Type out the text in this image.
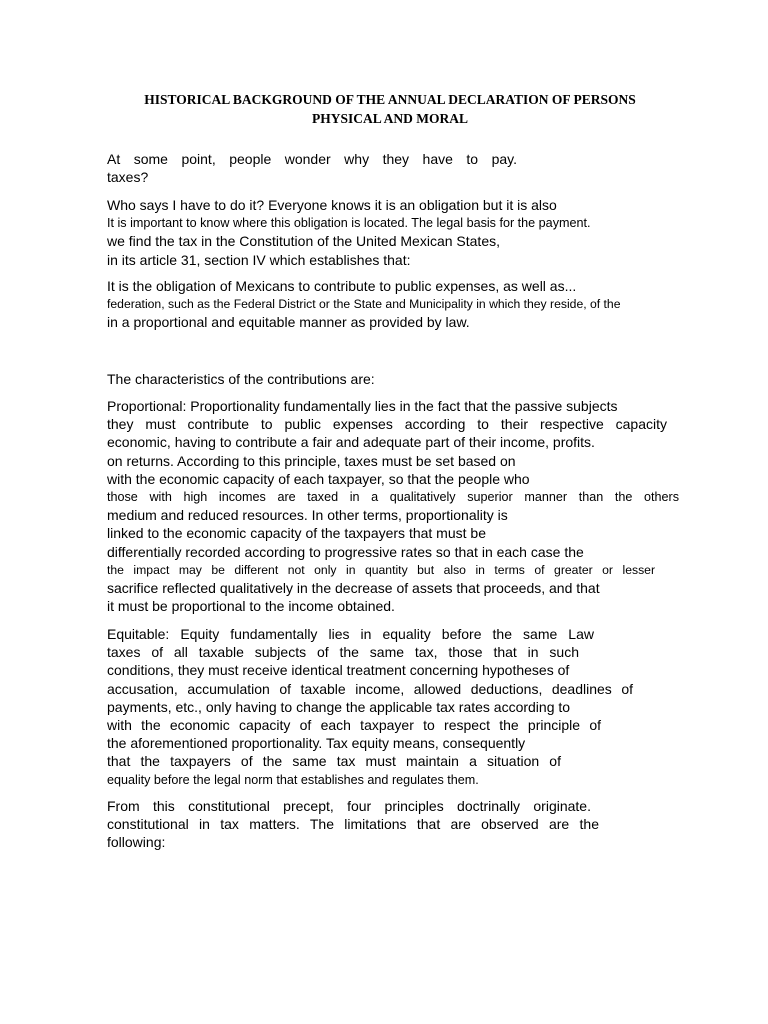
HISTORICAL BACKGROUND OF THE ANNUAL DECLARATION OF PERSONS
PHYSICAL AND MORAL
At some point, people wonder why they have to pay.
taxes?
Who says I have to do it? Everyone knows it is an obligation but it is also
It is important to know where this obligation is located. The legal basis for the payment.
we find the tax in the Constitution of the United Mexican States,
in its article 31, section IV which establishes that:
It is the obligation of Mexicans to contribute to public expenses, as well as...
federation, such as the Federal District or the State and Municipality in which they reside, of the
in a proportional and equitable manner as provided by law.
The characteristics of the contributions are:
Proportional: Proportionality fundamentally lies in the fact that the passive subjects
they must contribute to public expenses according to their respective capacity
economic, having to contribute a fair and adequate part of their income, profits.
on returns. According to this principle, taxes must be set based on
with the economic capacity of each taxpayer, so that the people who
those with high incomes are taxed in a qualitatively superior manner than the others
medium and reduced resources. In other terms, proportionality is
linked to the economic capacity of the taxpayers that must be
differentially recorded according to progressive rates so that in each case the
the impact may be different not only in quantity but also in terms of greater or lesser
sacrifice reflected qualitatively in the decrease of assets that proceeds, and that
it must be proportional to the income obtained.
Equitable: Equity fundamentally lies in equality before the same Law
taxes of all taxable subjects of the same tax, those that in such
conditions, they must receive identical treatment concerning hypotheses of
accusation, accumulation of taxable income, allowed deductions, deadlines of
payments, etc., only having to change the applicable tax rates according to
with the economic capacity of each taxpayer to respect the principle of
the aforementioned proportionality. Tax equity means, consequently
that the taxpayers of the same tax must maintain a situation of
equality before the legal norm that establishes and regulates them.
From this constitutional precept, four principles doctrinally originate.
constitutional in tax matters. The limitations that are observed are the
following:
